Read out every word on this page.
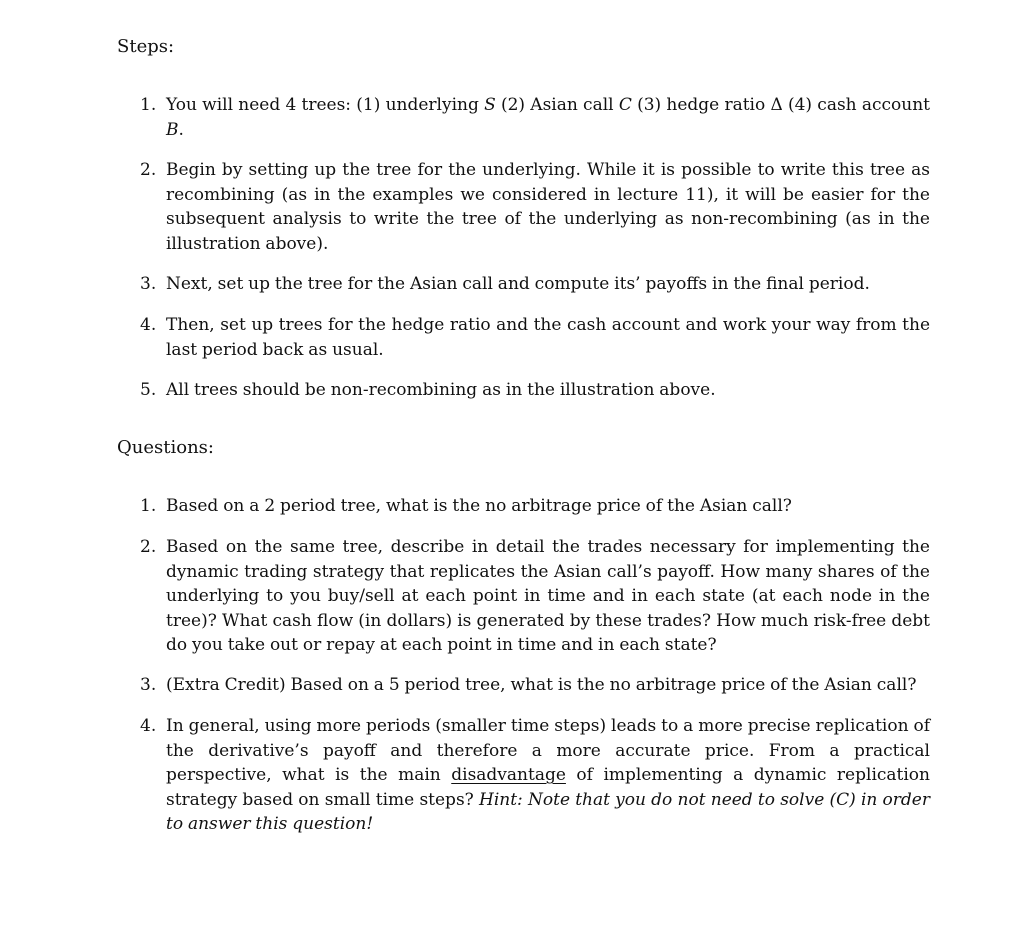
Steps:
1. You will need 4 trees: (1) underlying S (2) Asian call C (3) hedge ratio Δ (4) cash account B.
2. Begin by setting up the tree for the underlying. While it is possible to write this tree as recombining (as in the examples we considered in lecture 11), it will be easier for the subsequent analysis to write the tree of the underlying as non-recombining (as in the illustration above).
3. Next, set up the tree for the Asian call and compute its’ payoffs in the final period.
4. Then, set up trees for the hedge ratio and the cash account and work your way from the last period back as usual.
5. All trees should be non-recombining as in the illustration above.
Questions:
1. Based on a 2 period tree, what is the no arbitrage price of the Asian call?
2. Based on the same tree, describe in detail the trades necessary for implementing the dynamic trading strategy that replicates the Asian call’s payoff. How many shares of the underlying to you buy/sell at each point in time and in each state (at each node in the tree)? What cash flow (in dollars) is generated by these trades? How much risk-free debt do you take out or repay at each point in time and in each state?
3. (Extra Credit) Based on a 5 period tree, what is the no arbitrage price of the Asian call?
4. In general, using more periods (smaller time steps) leads to a more precise replication of the derivative’s payoff and therefore a more accurate price. From a practical perspective, what is the main disadvantage of implementing a dynamic replication strategy based on small time steps? Hint: Note that you do not need to solve (C) in order to answer this question!
